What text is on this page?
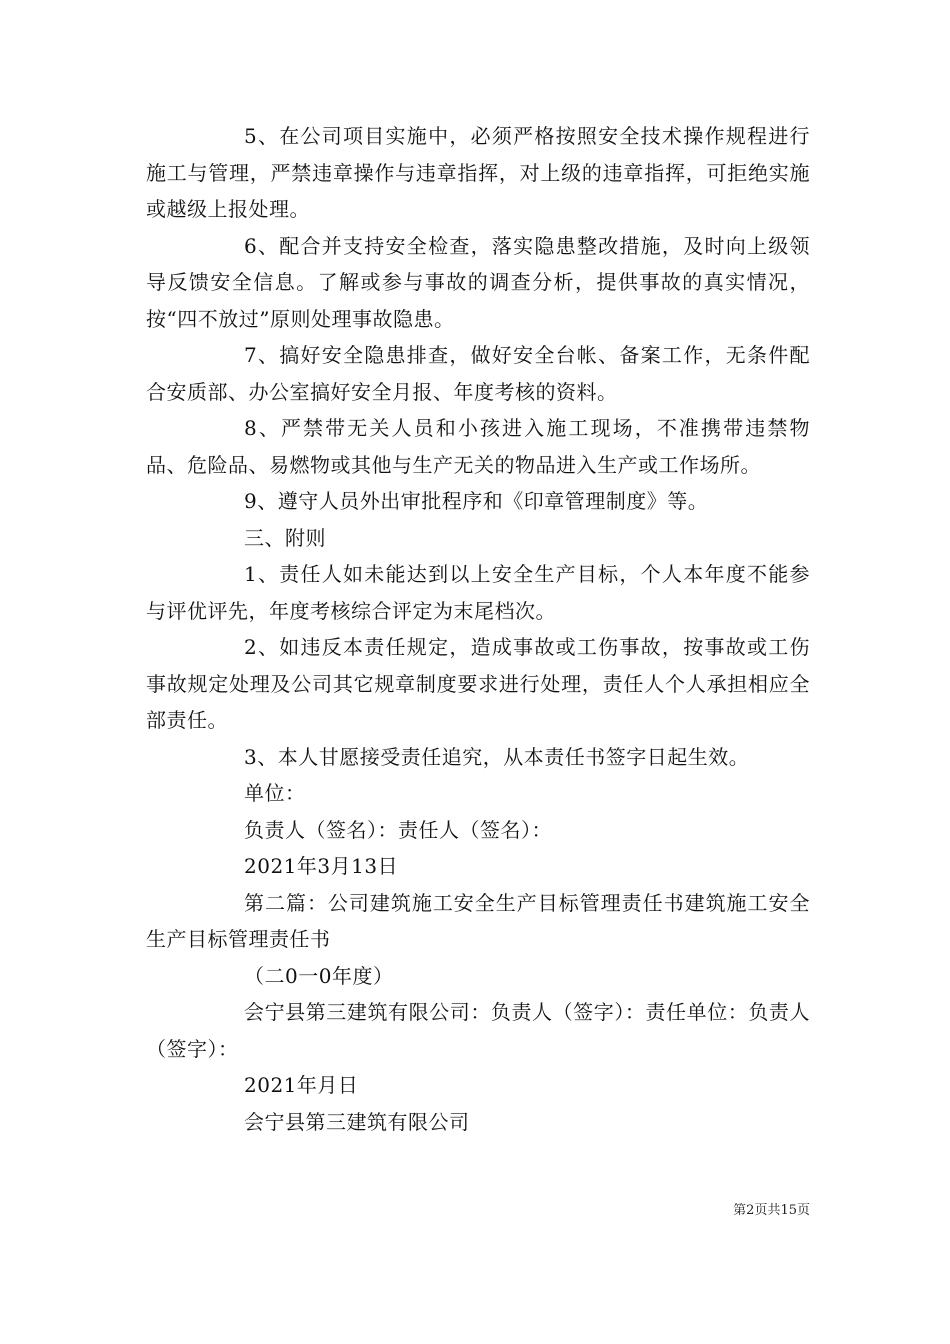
5、在公司项目实施中，必须严格按照安全技术操作规程进行施工与管理，严禁违章操作与违章指挥，对上级的违章指挥，可拒绝实施或越级上报处理。

6、配合并支持安全检查，落实隐患整改措施，及时向上级领导反馈安全信息。了解或参与事故的调查分析，提供事故的真实情况，按“四不放过”原则处理事故隐患。

7、搞好安全隐患排查，做好安全台帐、备案工作，无条件配合安质部、办公室搞好安全月报、年度考核的资料。

8、严禁带无关人员和小孩进入施工现场，不准携带违禁物品、危险品、易燃物或其他与生产无关的物品进入生产或工作场所。

9、遵守人员外出审批程序和《印章管理制度》等。

三、附则

1、责任人如未能达到以上安全生产目标，个人本年度不能参与评优评先，年度考核综合评定为末尾档次。

2、如违反本责任规定，造成事故或工伤事故，按事故或工伤事故规定处理及公司其它规章制度要求进行处理，责任人个人承担相应全部责任。

3、本人甘愿接受责任追究，从本责任书签字日起生效。

单位：

负责人（签名）：责任人（签名）：

2021年3月13日

第二篇：公司建筑施工安全生产目标管理责任书建筑施工安全生产目标管理责任书

（二0一0年度）

会宁县第三建筑有限公司：负责人（签字）：责任单位：负责人（签字）：

2021年月日

会宁县第三建筑有限公司

第2页共15页
